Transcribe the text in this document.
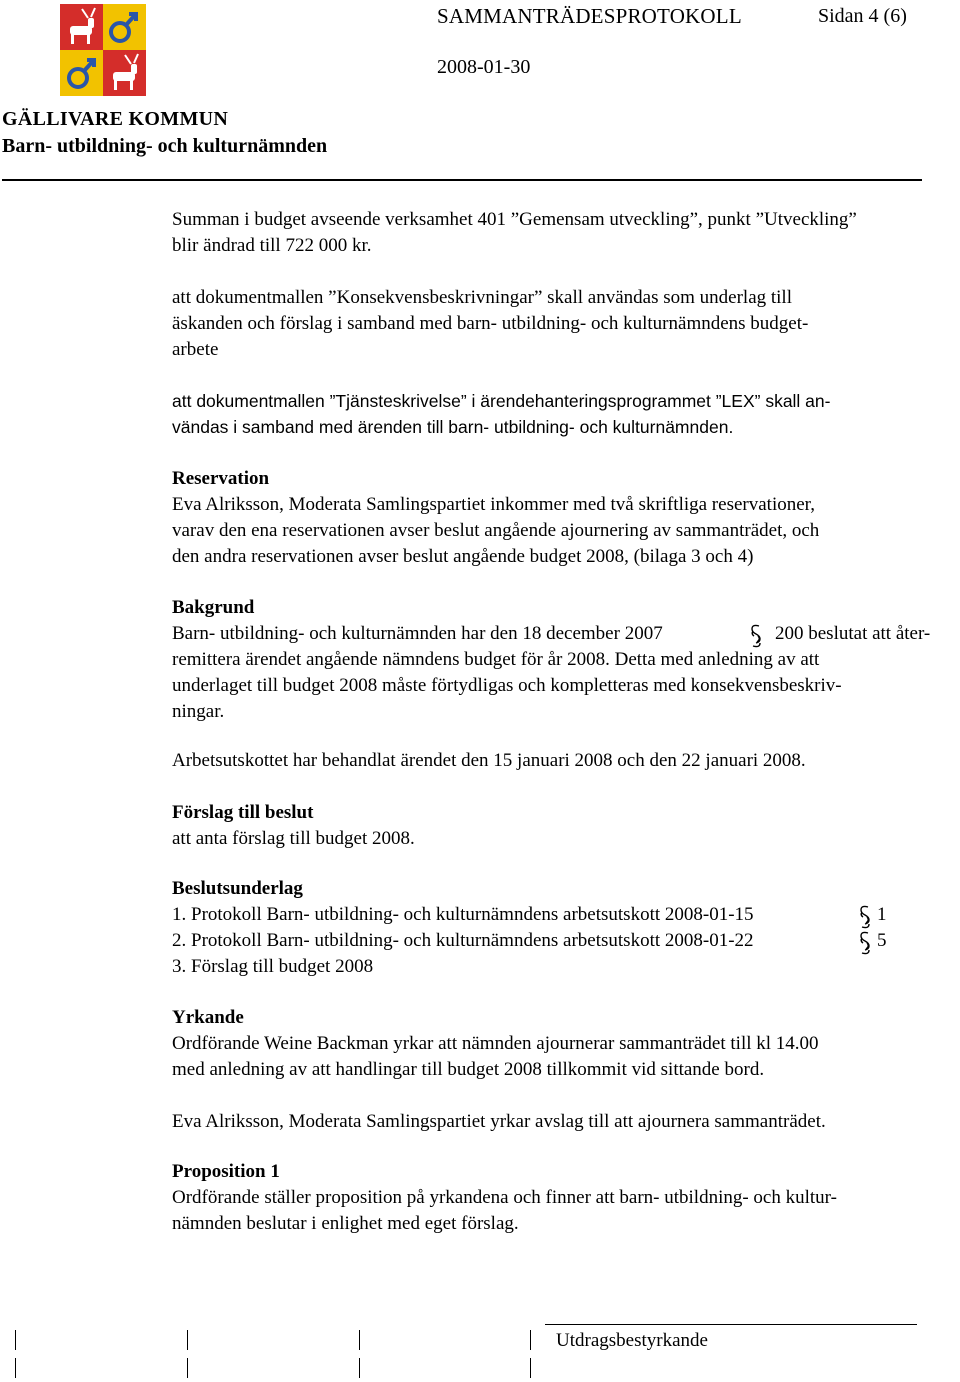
SAMMANTRÄDESPROTOKOLL	Sidan 4 (6)
2008-01-30
GÄLLIVARE KOMMUN
Barn- utbildning- och kulturnämnden
Summan i budget avseende verksamhet 401 ”Gemensam utveckling”, punkt ”Utveckling”
blir ändrad till 722 000 kr.
att dokumentmallen ”Konsekvensbeskrivningar” skall användas som underlag till
äskanden och förslag i samband med barn- utbildning- och kulturnämndens budget-
arbete
att dokumentmallen ”Tjänsteskrivelse” i ärendehanteringsprogrammet ”LEX” skall an-
vändas i samband med ärenden till barn- utbildning- och kulturnämnden.
Reservation
Eva Alriksson, Moderata Samlingspartiet inkommer med två skriftliga reservationer,
varav den ena reservationen avser beslut angående ajournering av sammanträdet, och
den andra reservationen avser beslut angående budget 2008, (bilaga 3 och 4)
Bakgrund
Barn- utbildning- och kulturnämnden har den 18 december 2007	200 beslutat att åter-
remittera ärendet angående nämndens budget för år 2008. Detta med anledning av att
underlaget till budget 2008 måste förtydligas och kompletteras med konsekvensbeskriv-
ningar.
Arbetsutskottet har behandlat ärendet den 15 januari 2008 och den 22 januari 2008.
Förslag till beslut
att anta förslag till budget 2008.
Beslutsunderlag
1. Protokoll Barn- utbildning- och kulturnämndens arbetsutskott 2008-01-15	1
2. Protokoll Barn- utbildning- och kulturnämndens arbetsutskott 2008-01-22	5
3. Förslag till budget 2008
Yrkande
Ordförande Weine Backman yrkar att nämnden ajournerar sammanträdet till kl 14.00
med anledning av att handlingar till budget 2008 tillkommit vid sittande bord.
Eva Alriksson, Moderata Samlingspartiet yrkar avslag till att ajournera sammanträdet.
Proposition 1
Ordförande ställer proposition på yrkandena och finner att barn- utbildning- och kultur-
nämnden beslutar i enlighet med eget förslag.
Utdragsbestyrkande
